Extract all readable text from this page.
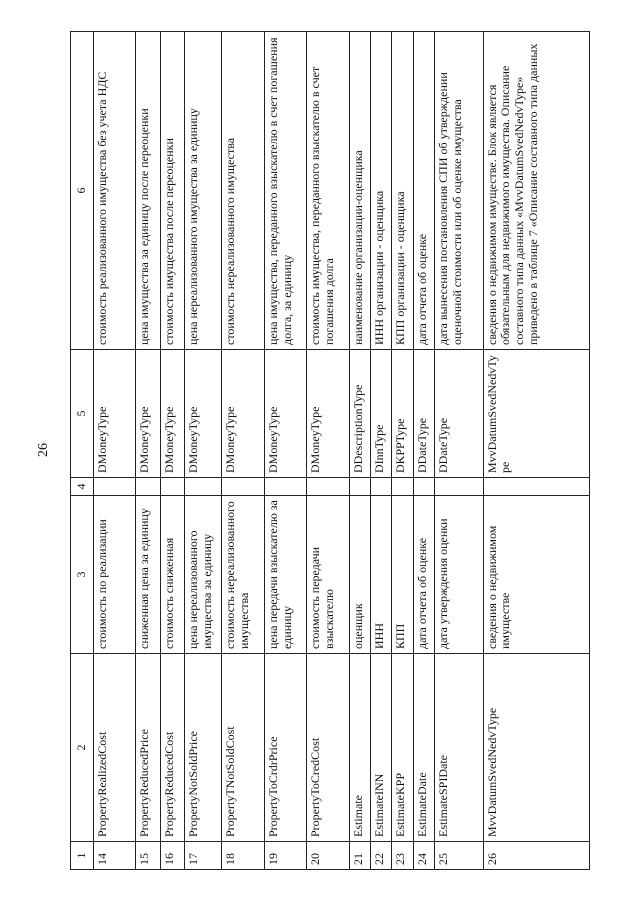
26
1	2	3	4	5	6
14	PropertyRealizedCost	стоимость по реализации		DMoneyType	стоимость реализованного имущества без учета НДС
15	PropertyReducedPrice	сниженная цена за единицу		DMoneyType	цена имущества за единицу после переоценки
16	PropertyReducedCost	стоимость сниженная		DMoneyType	стоимость имущества после переоценки
17	PropertyNotSoldPrice	цена нереализованного имущества за единицу		DMoneyType	цена нереализованного имущества за единицу
18	PropertyTNotSoldCost	стоимость нереализованного имущества		DMoneyType	стоимость нереализованного имущества
19	PropertyToCrdrPrice	цена передачи взыскателю за единицу		DMoneyType	цена имущества, переданного взыскателю в счет погашения долга, за единицу
20	PropertyToCredCost	стоимость передачи взыскателю		DMoneyType	стоимость имущества, переданного взыскателю в счет погашения долга
21	Estimate	оценщик		DDescriptionType	наименование организации-оценщика
22	EstimateINN	ИНН		DInnType	ИНН организации - оценщика
23	EstimateKPP	КПП		DKPPType	КПП организации - оценщика
24	EstimateDate	дата отчета об оценке		DDateType	дата отчета об оценке
25	EstimateSPIDate	дата утверждения оценки		DDateType	дата вынесения постановления СПИ об утверждении оценочной стоимости или об оценке имущества
26	MvvDatumSvedNedvType	сведения о недвижимом имуществе		MvvDatumSvedNedvType	сведения о недвижимом имуществе. Блок является обязательным для недвижимого имущества. Описание составного типа данных «MvvDatumSvedNedvType» приведено в таблице 7 «Описание составного типа данных
